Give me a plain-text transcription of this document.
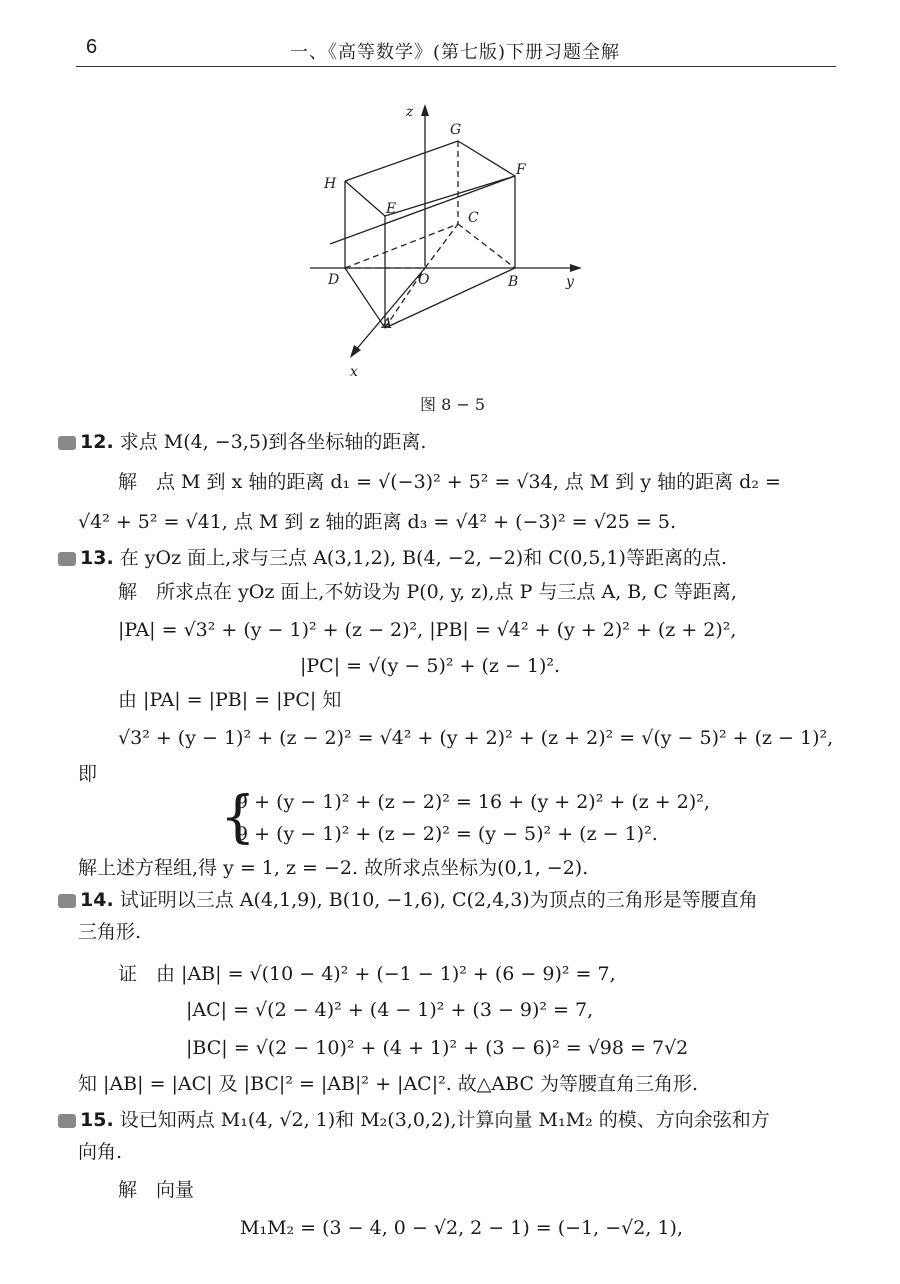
6	一、《高等数学》(第七版)下册习题全解
z
y
x
G
F
H
E
C
D	O	B
A
图 8 − 5
12. 求点 M(4, −3,5)到各坐标轴的距离.
解　点 M 到 x 轴的距离 d₁ = √(−3)² + 5² = √34, 点 M 到 y 轴的距离 d₂ =
√4² + 5² = √41, 点 M 到 z 轴的距离 d₃ = √4² + (−3)² = √25 = 5.
13. 在 yOz 面上,求与三点 A(3,1,2), B(4, −2, −2)和 C(0,5,1)等距离的点.
解　所求点在 yOz 面上,不妨设为 P(0, y, z),点 P 与三点 A, B, C 等距离,
|PA| = √3² + (y − 1)² + (z − 2)², |PB| = √4² + (y + 2)² + (z + 2)²,
|PC| = √(y − 5)² + (z − 1)².
由 |PA| = |PB| = |PC| 知
√3² + (y − 1)² + (z − 2)² = √4² + (y + 2)² + (z + 2)² = √(y − 5)² + (z − 1)²,
即
{
9 + (y − 1)² + (z − 2)² = 16 + (y + 2)² + (z + 2)²,
9 + (y − 1)² + (z − 2)² = (y − 5)² + (z − 1)².
解上述方程组,得 y = 1, z = −2. 故所求点坐标为(0,1, −2).
14. 试证明以三点 A(4,1,9), B(10, −1,6), C(2,4,3)为顶点的三角形是等腰直角
三角形.
证　由 |AB| = √(10 − 4)² + (−1 − 1)² + (6 − 9)² = 7,
|AC| = √(2 − 4)² + (4 − 1)² + (3 − 9)² = 7,
|BC| = √(2 − 10)² + (4 + 1)² + (3 − 6)² = √98 = 7√2
知 |AB| = |AC| 及 |BC|² = |AB|² + |AC|². 故△ABC 为等腰直角三角形.
15. 设已知两点 M₁(4, √2, 1)和 M₂(3,0,2),计算向量 M₁M₂ 的模、方向余弦和方
向角.
解　向量
M₁M₂ = (3 − 4, 0 − √2, 2 − 1) = (−1, −√2, 1),
